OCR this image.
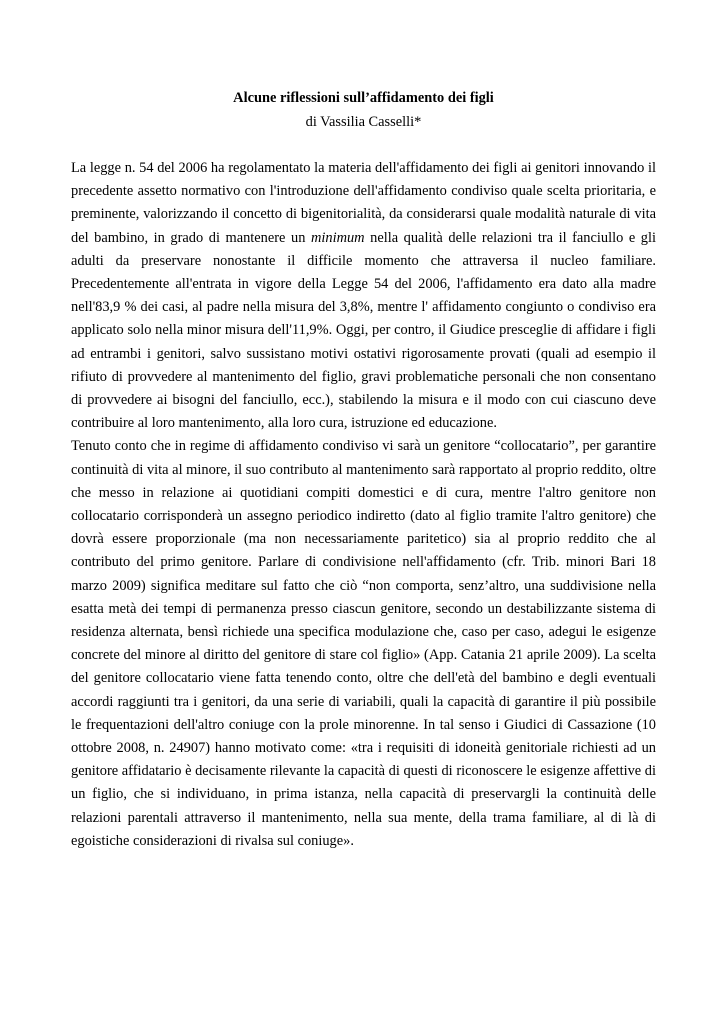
Alcune riflessioni sull’affidamento dei figli

di Vassilia Casselli*

La legge n. 54 del 2006 ha regolamentato la materia dell'affidamento dei figli ai genitori innovando il precedente assetto normativo con l'introduzione dell'affidamento condiviso quale scelta prioritaria, e preminente, valorizzando il concetto di bigenitorialità, da considerarsi quale modalità naturale di vita del bambino, in grado di mantenere un minimum nella qualità delle relazioni tra il fanciullo e gli adulti da preservare nonostante il difficile momento che attraversa il nucleo familiare. Precedentemente all'entrata in vigore della Legge 54 del 2006, l'affidamento era dato alla madre nell'83,9 % dei casi, al padre nella misura del 3,8%, mentre l' affidamento congiunto o condiviso era applicato solo nella minor misura dell'11,9%. Oggi, per contro, il Giudice prescegli​e di affidare i figli ad entrambi i genitori, salvo sussistano motivi ostativi rigorosamente provati (quali ad esempio il rifiuto di provvedere al mantenimento del figlio, gravi problematiche personali che non consentano di provvedere ai bisogni del fanciullo, ecc.), stabilendo la misura e il modo con cui ciascuno deve contribuire al loro mantenimento, alla loro cura, istruzione ed educazione.

Tenuto conto che in regime di affidamento condiviso vi sarà un genitore “collocatario”, per garantire continuità di vita al minore, il suo contributo al mantenimento sarà rapportato al proprio reddito, oltre che messo in relazione ai quotidiani compiti domestici e di cura, mentre l'altro genitore non collocatario corrisponderà un assegno periodico indiretto (dato al figlio tramite l'altro genitore) che dovrà essere proporzionale (ma non necessariamente paritetico) sia al proprio reddito che al contributo del primo genitore. Parlare di condivisione nell'affidamento (cfr. Trib. minori Bari 18 marzo 2009) significa meditare sul fatto che ciò “non comporta, senz’altro, una suddivisione nella esatta metà dei tempi di permanenza presso ciascun genitore, secondo un destabilizzante sistema di residenza alternata, bensì richiede una specifica modulazione che, caso per caso, adegui le esigenze concrete del minore al diritto del genitore di stare col figlio» (App. Catania 21 aprile 2009). La scelta del genitore collocatario viene fatta tenendo conto, oltre che dell'età del bambino e degli eventuali accordi raggiunti tra i genitori, da una serie di variabili, quali la capacità di garantire il più possibile le frequentazioni dell'altro coniuge con la prole minorenne. In tal senso i Giudici di Cassazione (10 ottobre 2008, n. 24907) hanno motivato come: «tra i requisiti di idoneità genitoriale richiesti ad un genitore affidatario è decisamente rilevante la capacità di questi di riconoscere le esigenze affettive di un figlio, che si individuano, in prima istanza, nella capacità di preservargli la continuità delle relazioni parentali attraverso il mantenimento, nella sua mente, della trama familiare, al di là di egoistiche considerazioni di rivalsa sul coniuge».
